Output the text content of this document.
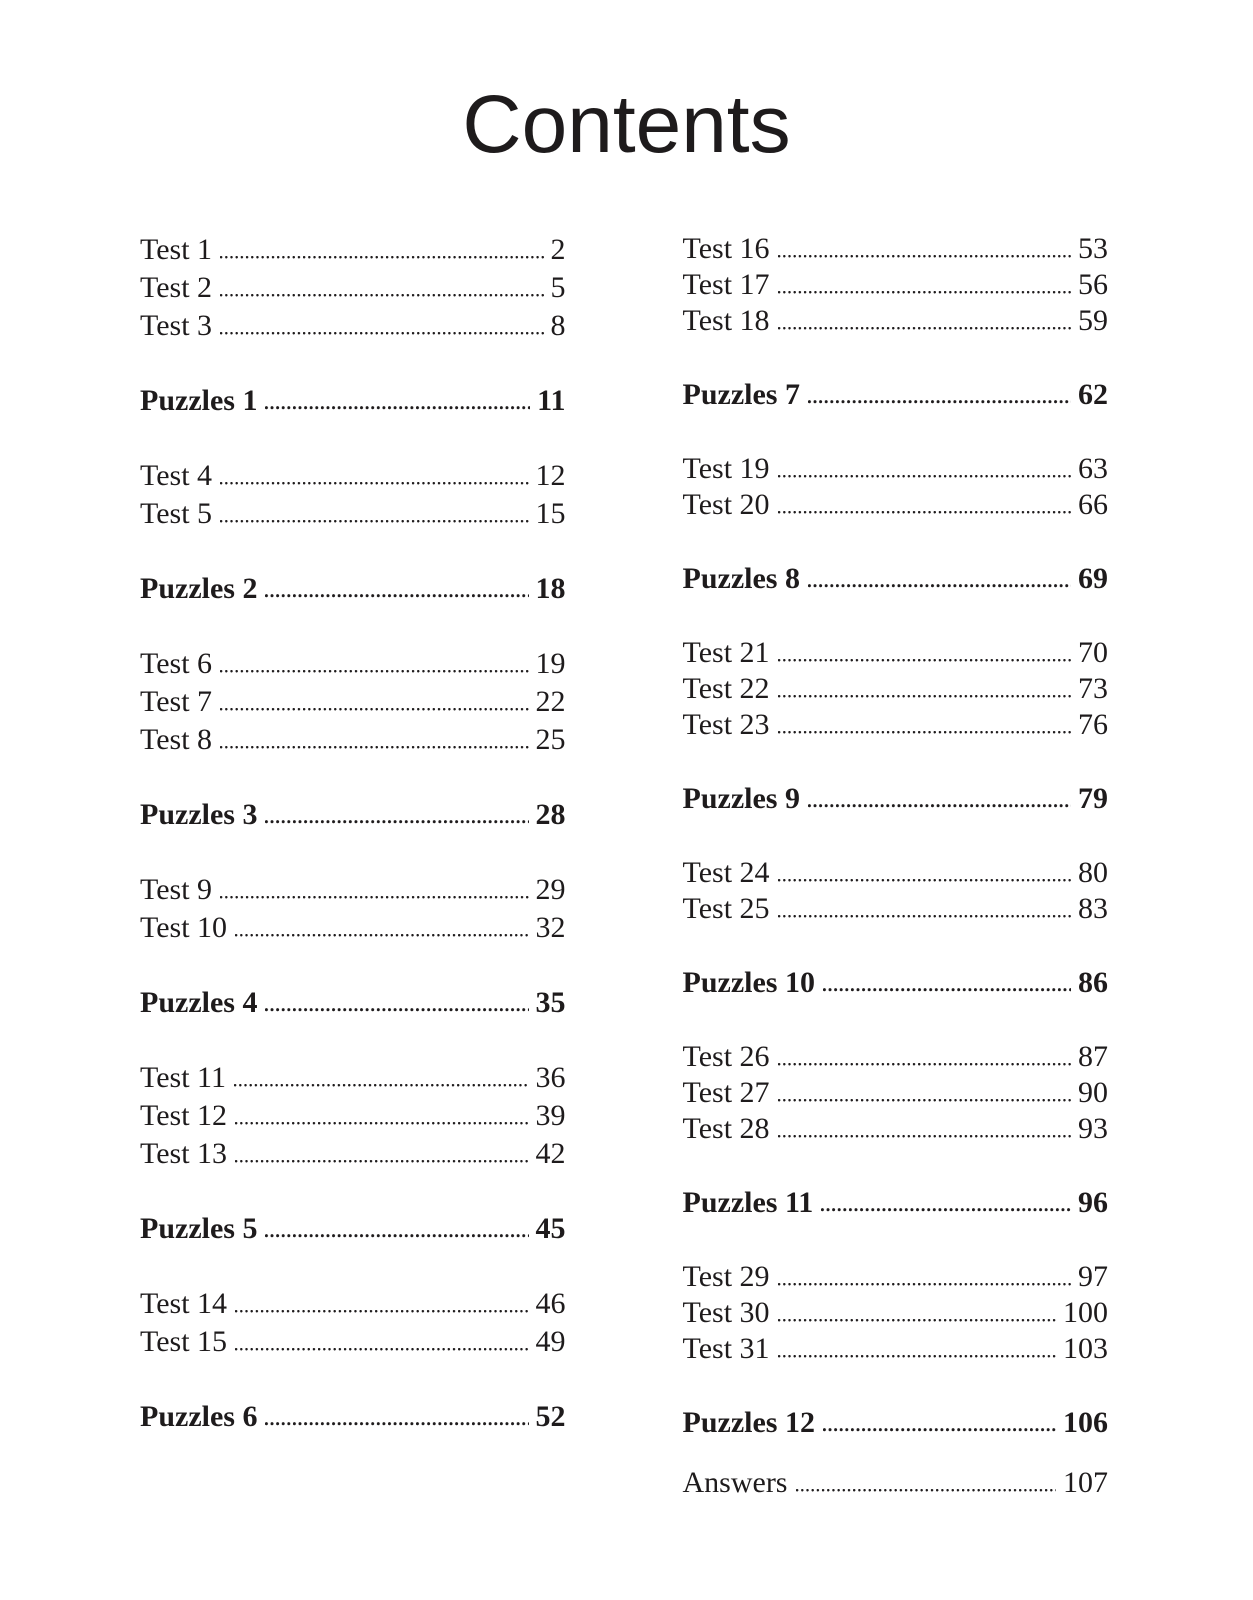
Contents
Test 1	2
Test 2	5
Test 3	8
Puzzles 1	11
Test 4	12
Test 5	15
Puzzles 2	18
Test 6	19
Test 7	22
Test 8	25
Puzzles 3	28
Test 9	29
Test 10	32
Puzzles 4	35
Test 11	36
Test 12	39
Test 13	42
Puzzles 5	45
Test 14	46
Test 15	49
Puzzles 6	52
Test 16	53
Test 17	56
Test 18	59
Puzzles 7	62
Test 19	63
Test 20	66
Puzzles 8	69
Test 21	70
Test 22	73
Test 23	76
Puzzles 9	79
Test 24	80
Test 25	83
Puzzles 10	86
Test 26	87
Test 27	90
Test 28	93
Puzzles 11	96
Test 29	97
Test 30	100
Test 31	103
Puzzles 12	106
Answers	107
